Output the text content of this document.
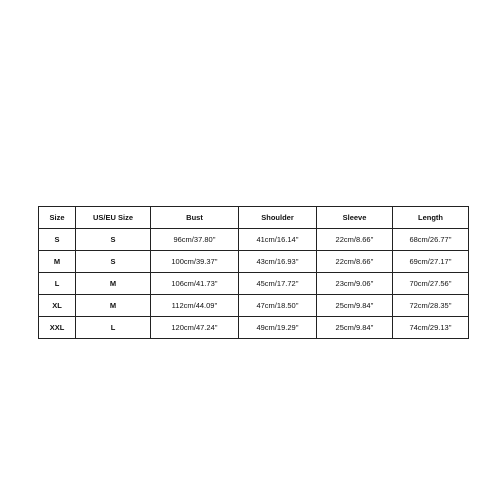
Size	US/EU Size	Bust	Shoulder	Sleeve	Length
S	S	96cm/37.80''	41cm/16.14''	22cm/8.66''	68cm/26.77''
M	S	100cm/39.37''	43cm/16.93''	22cm/8.66''	69cm/27.17''
L	M	106cm/41.73''	45cm/17.72''	23cm/9.06''	70cm/27.56''
XL	M	112cm/44.09''	47cm/18.50''	25cm/9.84''	72cm/28.35''
XXL	L	120cm/47.24''	49cm/19.29''	25cm/9.84''	74cm/29.13''
